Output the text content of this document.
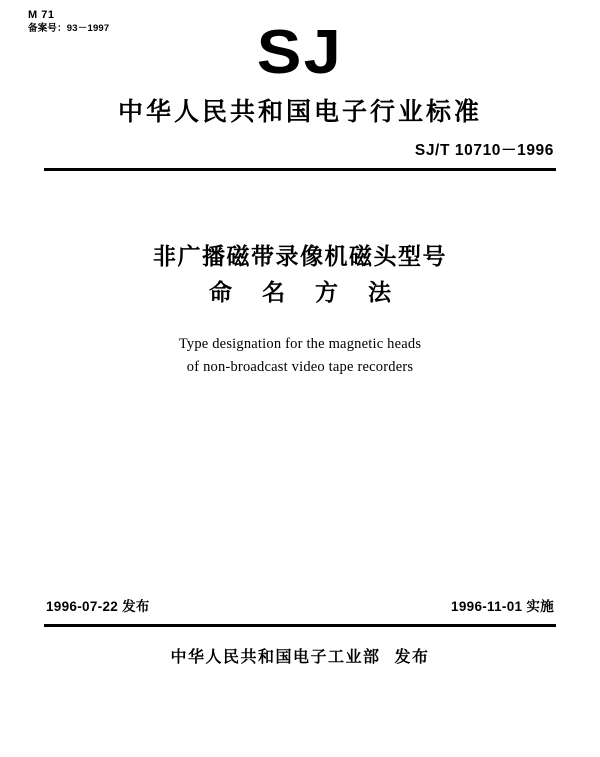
M 71
备案号：93－1997	SJ
中华人民共和国电子行业标准
SJ/T 10710－1996
非广播磁带录像机磁头型号
命 名 方 法
Type designation for the magnetic heads
of non-broadcast video tape recorders
1996-07-22 发布	1996-11-01 实施
中华人民共和国电子工业部 发布
